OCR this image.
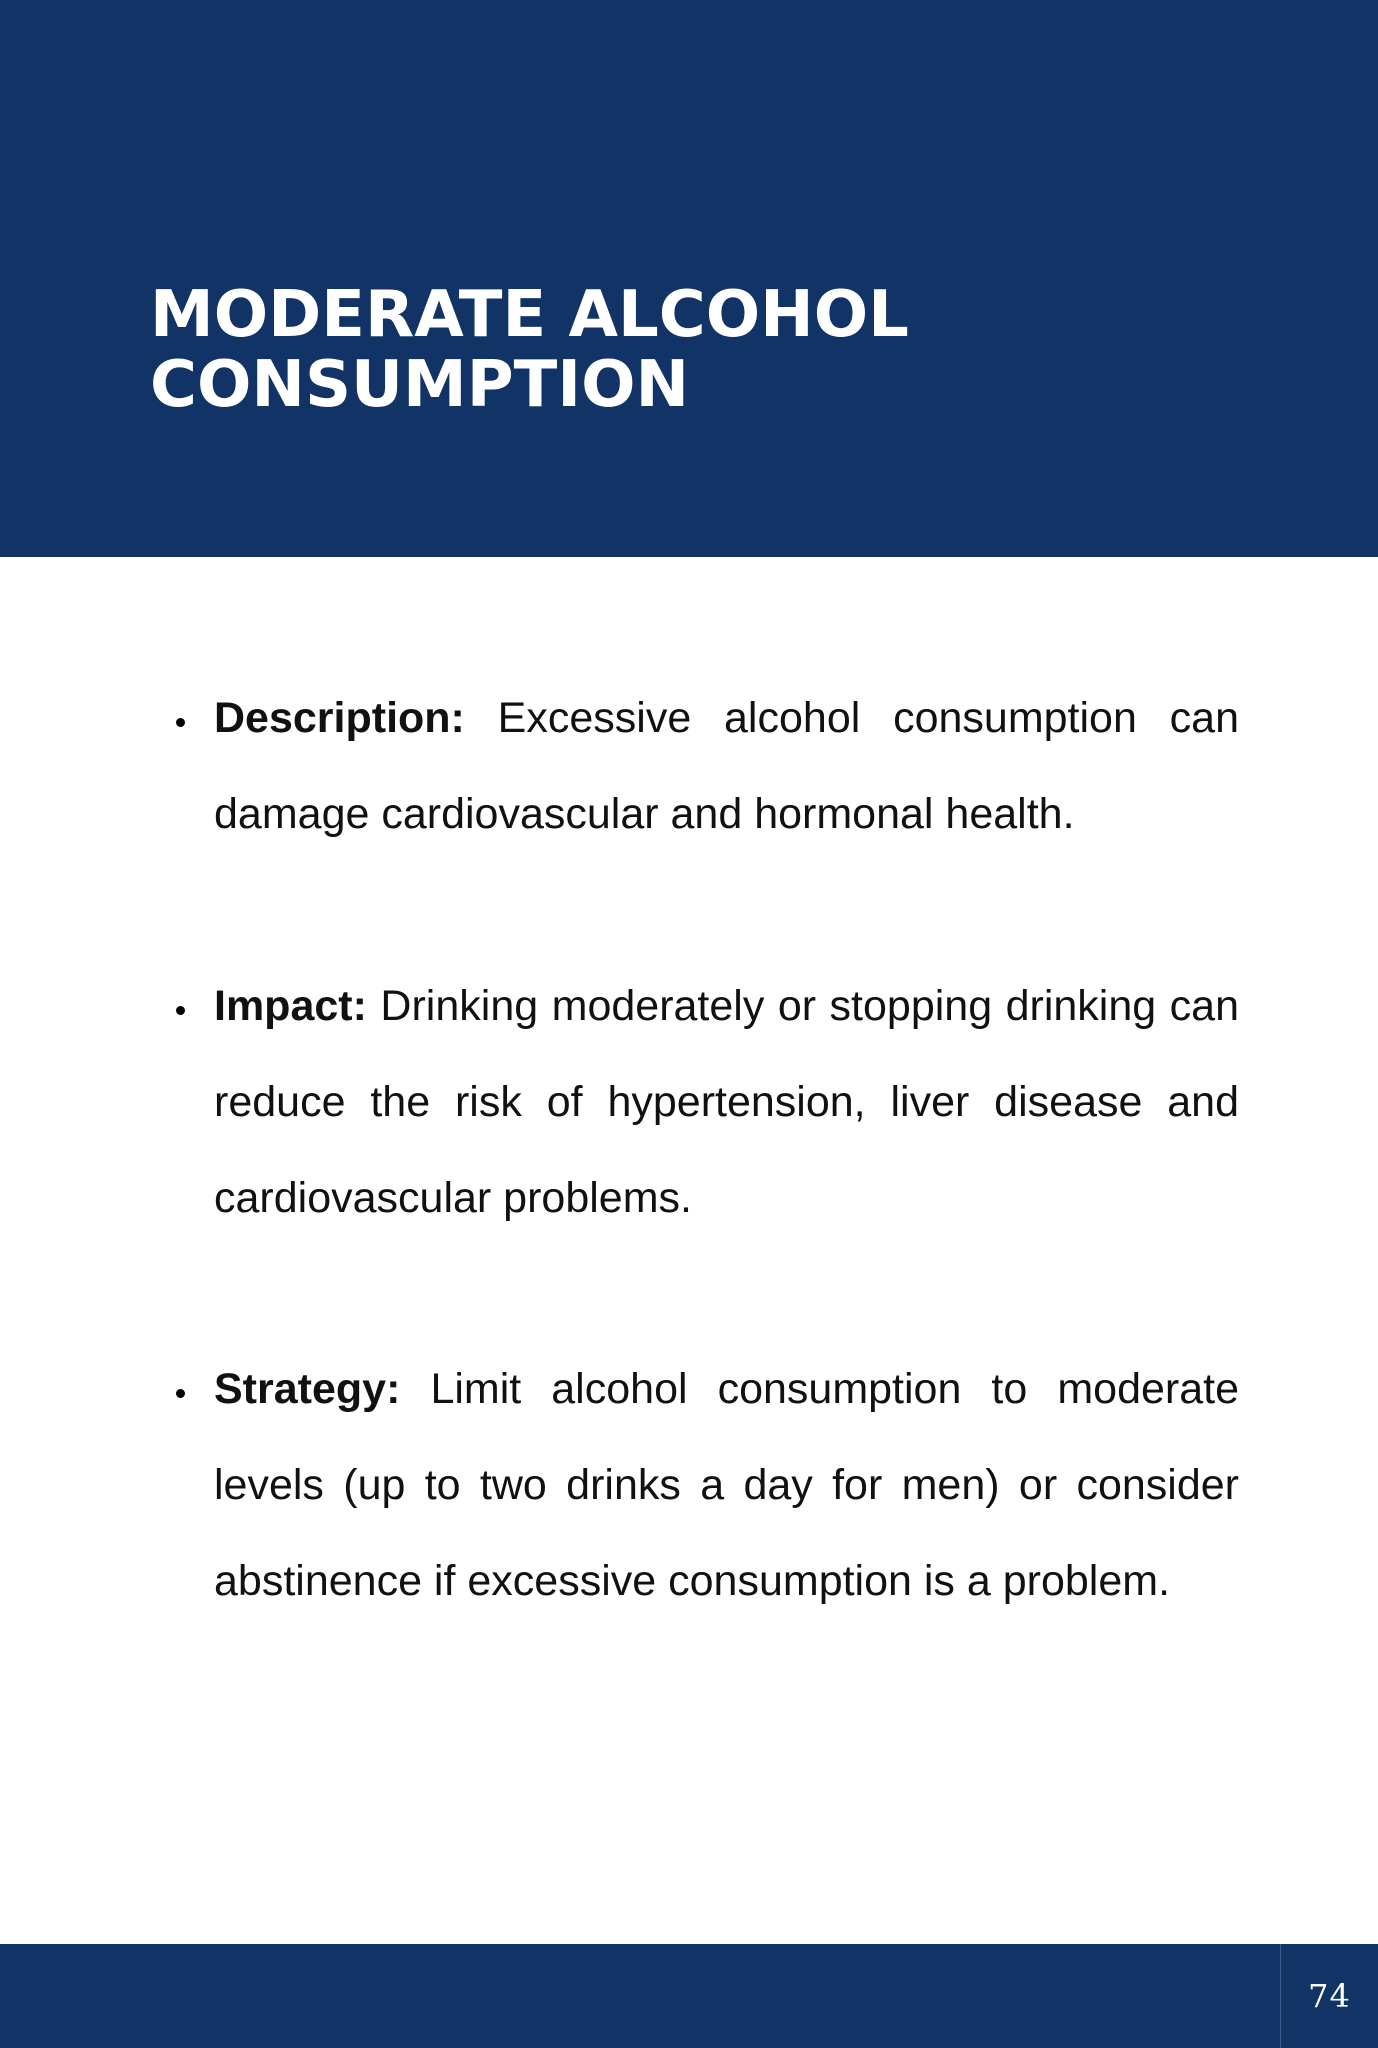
MODERATE ALCOHOL
CONSUMPTION

Description: Excessive alcohol consumption can damage cardiovascular and hormonal health.

Impact: Drinking moderately or stopping drinking can reduce the risk of hypertension, liver disease and cardiovascular problems.

Strategy: Limit alcohol consumption to moderate levels (up to two drinks a day for men) or consider abstinence if excessive consumption is a problem.

74
